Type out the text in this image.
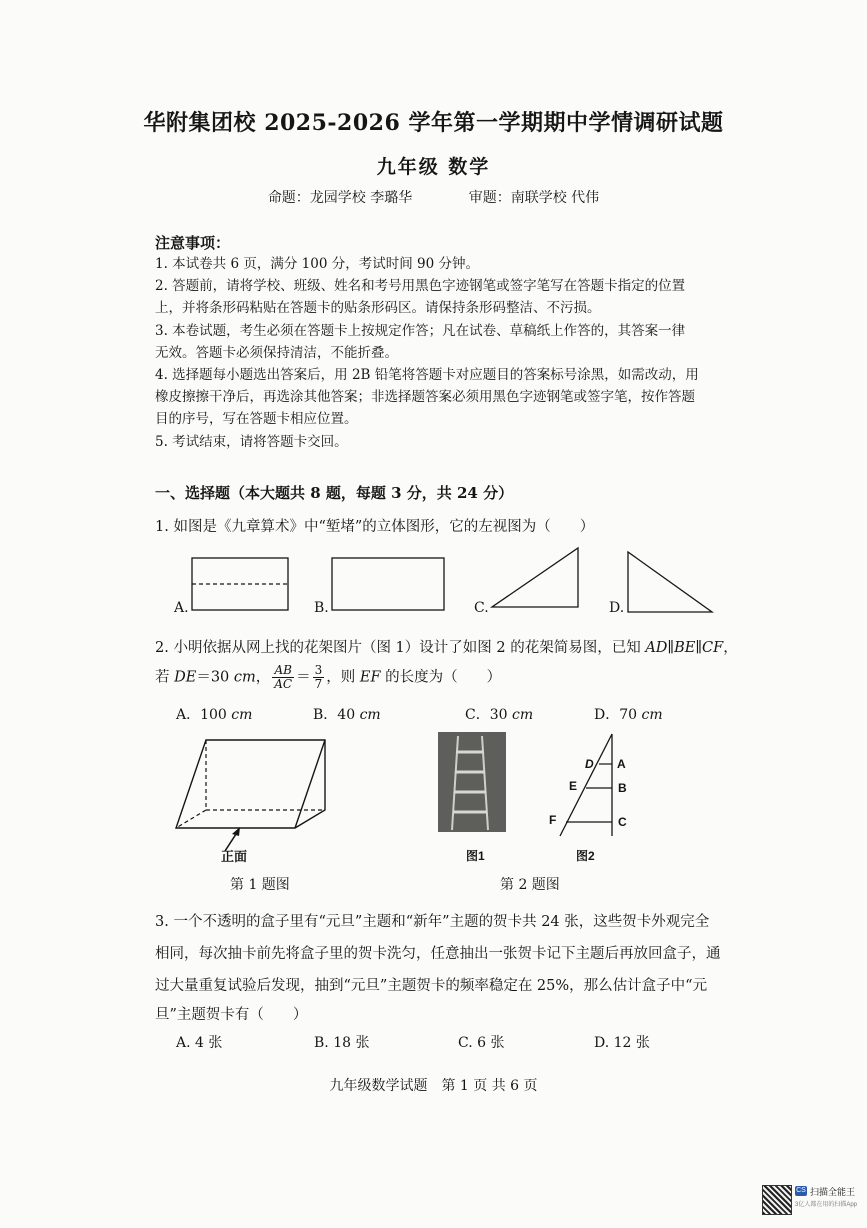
华附集团校 2025-2026 学年第一学期期中学情调研试题
九年级 数学
命题：龙园学校 李璐华	审题：南联学校 代伟
注意事项：
1. 本试卷共 6 页，满分 100 分，考试时间 90 分钟。
2. 答题前，请将学校、班级、姓名和考号用黑色字迹钢笔或签字笔写在答题卡指定的位置
上，并将条形码粘贴在答题卡的贴条形码区。请保持条形码整洁、不污损。
3. 本卷试题，考生必须在答题卡上按规定作答；凡在试卷、草稿纸上作答的，其答案一律
无效。答题卡必须保持清洁，不能折叠。
4. 选择题每小题选出答案后，用 2B 铅笔将答题卡对应题目的答案标号涂黑，如需改动，用
橡皮擦擦干净后，再选涂其他答案；非选择题答案必须用黑色字迹钢笔或签字笔，按作答题
目的序号，写在答题卡相应位置。
5. 考试结束，请将答题卡交回。
一、选择题（本大题共 8 题，每题 3 分，共 24 分）
1. 如图是《九章算术》中“堑堵”的立体图形，它的左视图为（　　）
A.	B.	C.	D.
2. 小明依据从网上找的花架图片（图 1）设计了如图 2 的花架简易图，已知 AD∥BE∥CF，
若 DE＝30 cm， $\frac{AB}{AC} = \frac{3}{7}$ ，则 EF 的长度为（　　）
A．100 cm	B．40 cm	C．30 cm	D．70 cm
正面	图1
D A
E	B
F	C
图2
第 1 题图	第 2 题图
3. 一个不透明的盒子里有“元旦”主题和“新年”主题的贺卡共 24 张，这些贺卡外观完全
相同，每次抽卡前先将盒子里的贺卡洗匀，任意抽出一张贺卡记下主题后再放回盒子，通
过大量重复试验后发现，抽到“元旦”主题贺卡的频率稳定在 25%，那么估计盒子中“元
旦”主题贺卡有（　　）
A. 4 张	B. 18 张	C. 6 张	D. 12 张
九年级数学试题　第 1 页 共 6 页
CS 扫描全能王
3亿人都在用的扫描App
